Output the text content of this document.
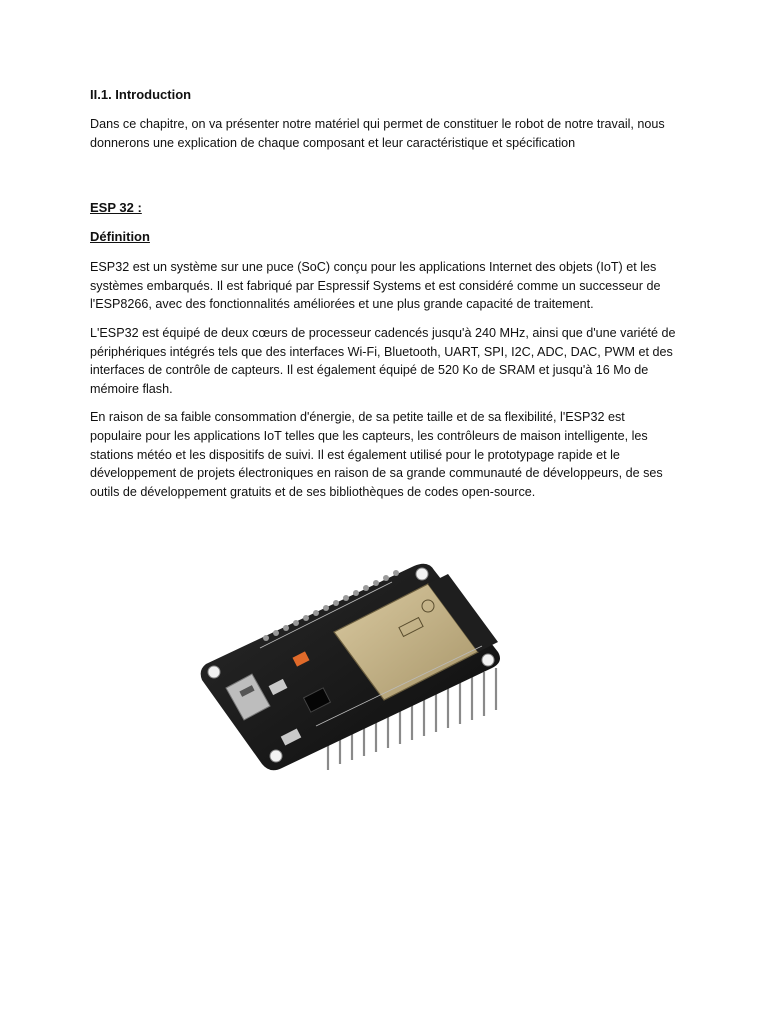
II.1. Introduction

Dans ce chapitre, on va présenter notre matériel qui permet de constituer le robot de notre travail, nous donnerons une explication de chaque composant et leur caractéristique et spécification

ESP 32 :
Définition

ESP32 est un système sur une puce (SoC) conçu pour les applications Internet des objets (IoT) et les systèmes embarqués. Il est fabriqué par Espressif Systems et est considéré comme un successeur de l'ESP8266, avec des fonctionnalités améliorées et une plus grande capacité de traitement.

L'ESP32 est équipé de deux cœurs de processeur cadencés jusqu'à 240 MHz, ainsi que d'une variété de périphériques intégrés tels que des interfaces Wi-Fi, Bluetooth, UART, SPI, I2C, ADC, DAC, PWM et des interfaces de contrôle de capteurs. Il est également équipé de 520 Ko de SRAM et jusqu'à 16 Mo de mémoire flash.

En raison de sa faible consommation d'énergie, de sa petite taille et de sa flexibilité, l'ESP32 est populaire pour les applications IoT telles que les capteurs, les contrôleurs de maison intelligente, les stations météo et les dispositifs de suivi. Il est également utilisé pour le prototypage rapide et le développement de projets électroniques en raison de sa grande communauté de développeurs, de ses outils de développement gratuits et de ses bibliothèques de codes open-source.
